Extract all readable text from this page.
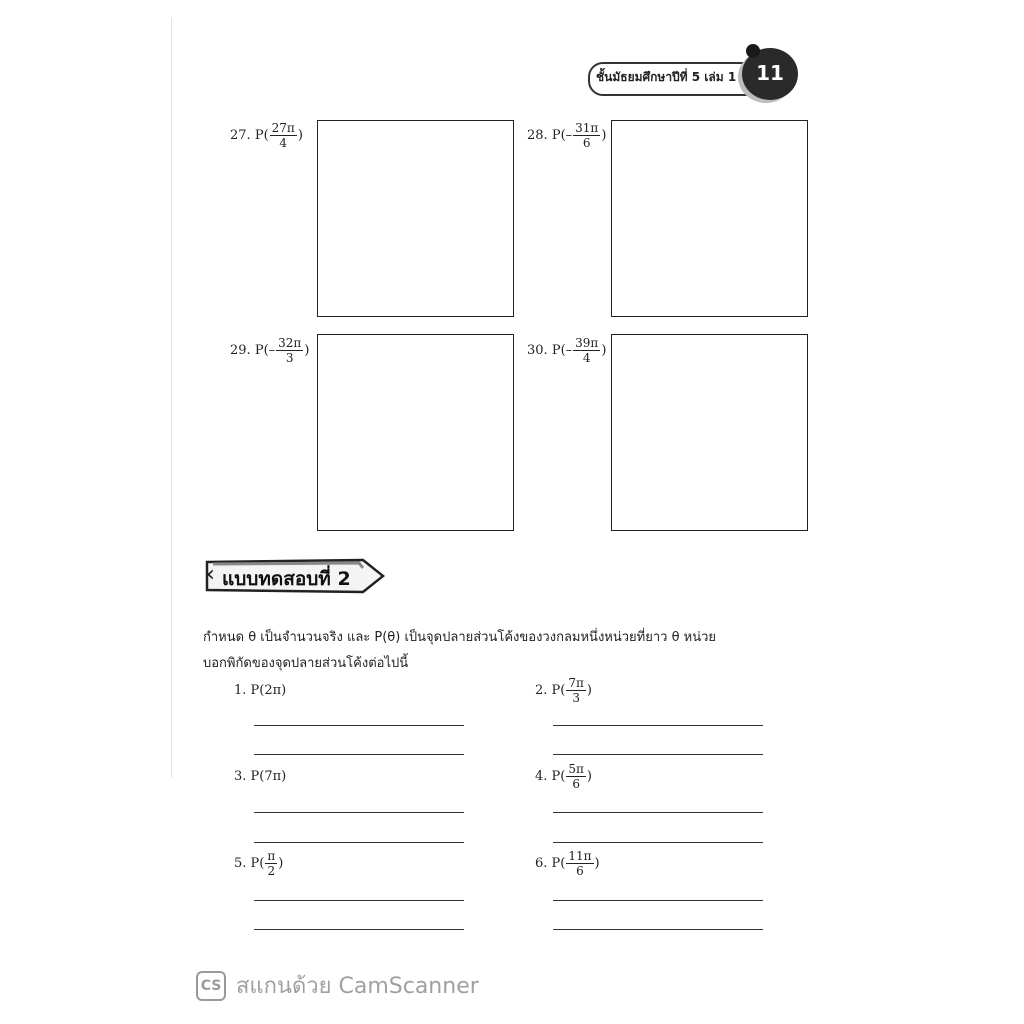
ชั้นมัธยมศึกษาปีที่ 5 เล่ม 1 11
27.
$P( \frac{27\pi}{4}$ )	28.
$P( - \frac{31\pi}{6}$ )
29.
$P( - \frac{32\pi}{3}$ )	30.
$P( - \frac{39\pi}{4}$ )
‹ แบบทดสอบที่ 2
กำหนด θ เป็นจำนวนจริง และ P(θ) เป็นจุดปลายส่วนโค้งของวงกลมหนึ่งหน่วยที่ยาว θ หน่วย
บอกพิกัดของจุดปลายส่วนโค้งต่อไปนี้
1.
P(2π)	2.
$P( \frac{7\pi}{3}$ )
3.
P(7π)	4.
$P( \frac{5\pi}{6}$ )
5.
$P( \frac{\pi}{2}$ )	6.
$P( \frac{11\pi}{6}$ )
CS สแกนด้วย CamScanner
